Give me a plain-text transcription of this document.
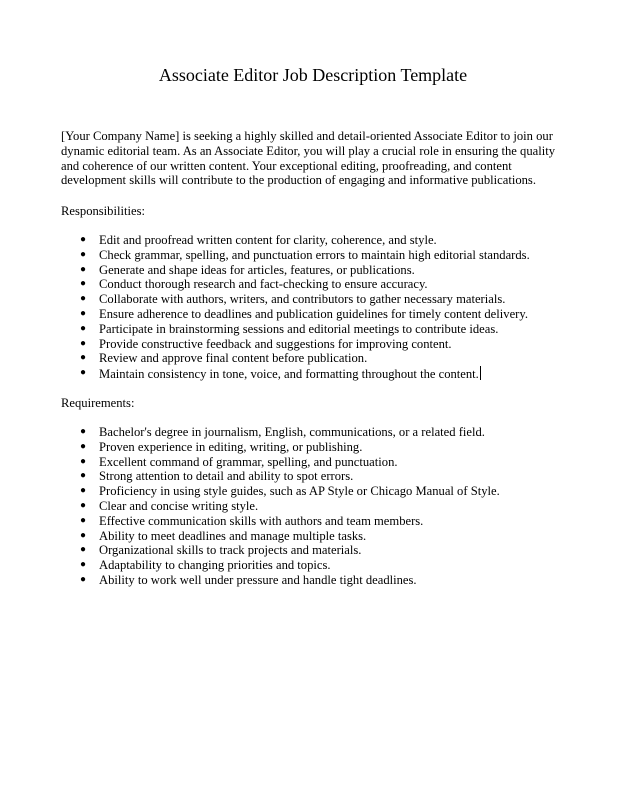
Associate Editor Job Description Template

[Your Company Name] is seeking a highly skilled and detail-oriented Associate Editor to join our dynamic editorial team. As an Associate Editor, you will play a crucial role in ensuring the quality and coherence of our written content. Your exceptional editing, proofreading, and content development skills will contribute to the production of engaging and informative publications.

Responsibilities:

● Edit and proofread written content for clarity, coherence, and style.
● Check grammar, spelling, and punctuation errors to maintain high editorial standards.
● Generate and shape ideas for articles, features, or publications.
● Conduct thorough research and fact-checking to ensure accuracy.
● Collaborate with authors, writers, and contributors to gather necessary materials.
● Ensure adherence to deadlines and publication guidelines for timely content delivery.
● Participate in brainstorming sessions and editorial meetings to contribute ideas.
● Provide constructive feedback and suggestions for improving content.
● Review and approve final content before publication.
● Maintain consistency in tone, voice, and formatting throughout the content.

Requirements:

● Bachelor's degree in journalism, English, communications, or a related field.
● Proven experience in editing, writing, or publishing.
● Excellent command of grammar, spelling, and punctuation.
● Strong attention to detail and ability to spot errors.
● Proficiency in using style guides, such as AP Style or Chicago Manual of Style.
● Clear and concise writing style.
● Effective communication skills with authors and team members.
● Ability to meet deadlines and manage multiple tasks.
● Organizational skills to track projects and materials.
● Adaptability to changing priorities and topics.
● Ability to work well under pressure and handle tight deadlines.
